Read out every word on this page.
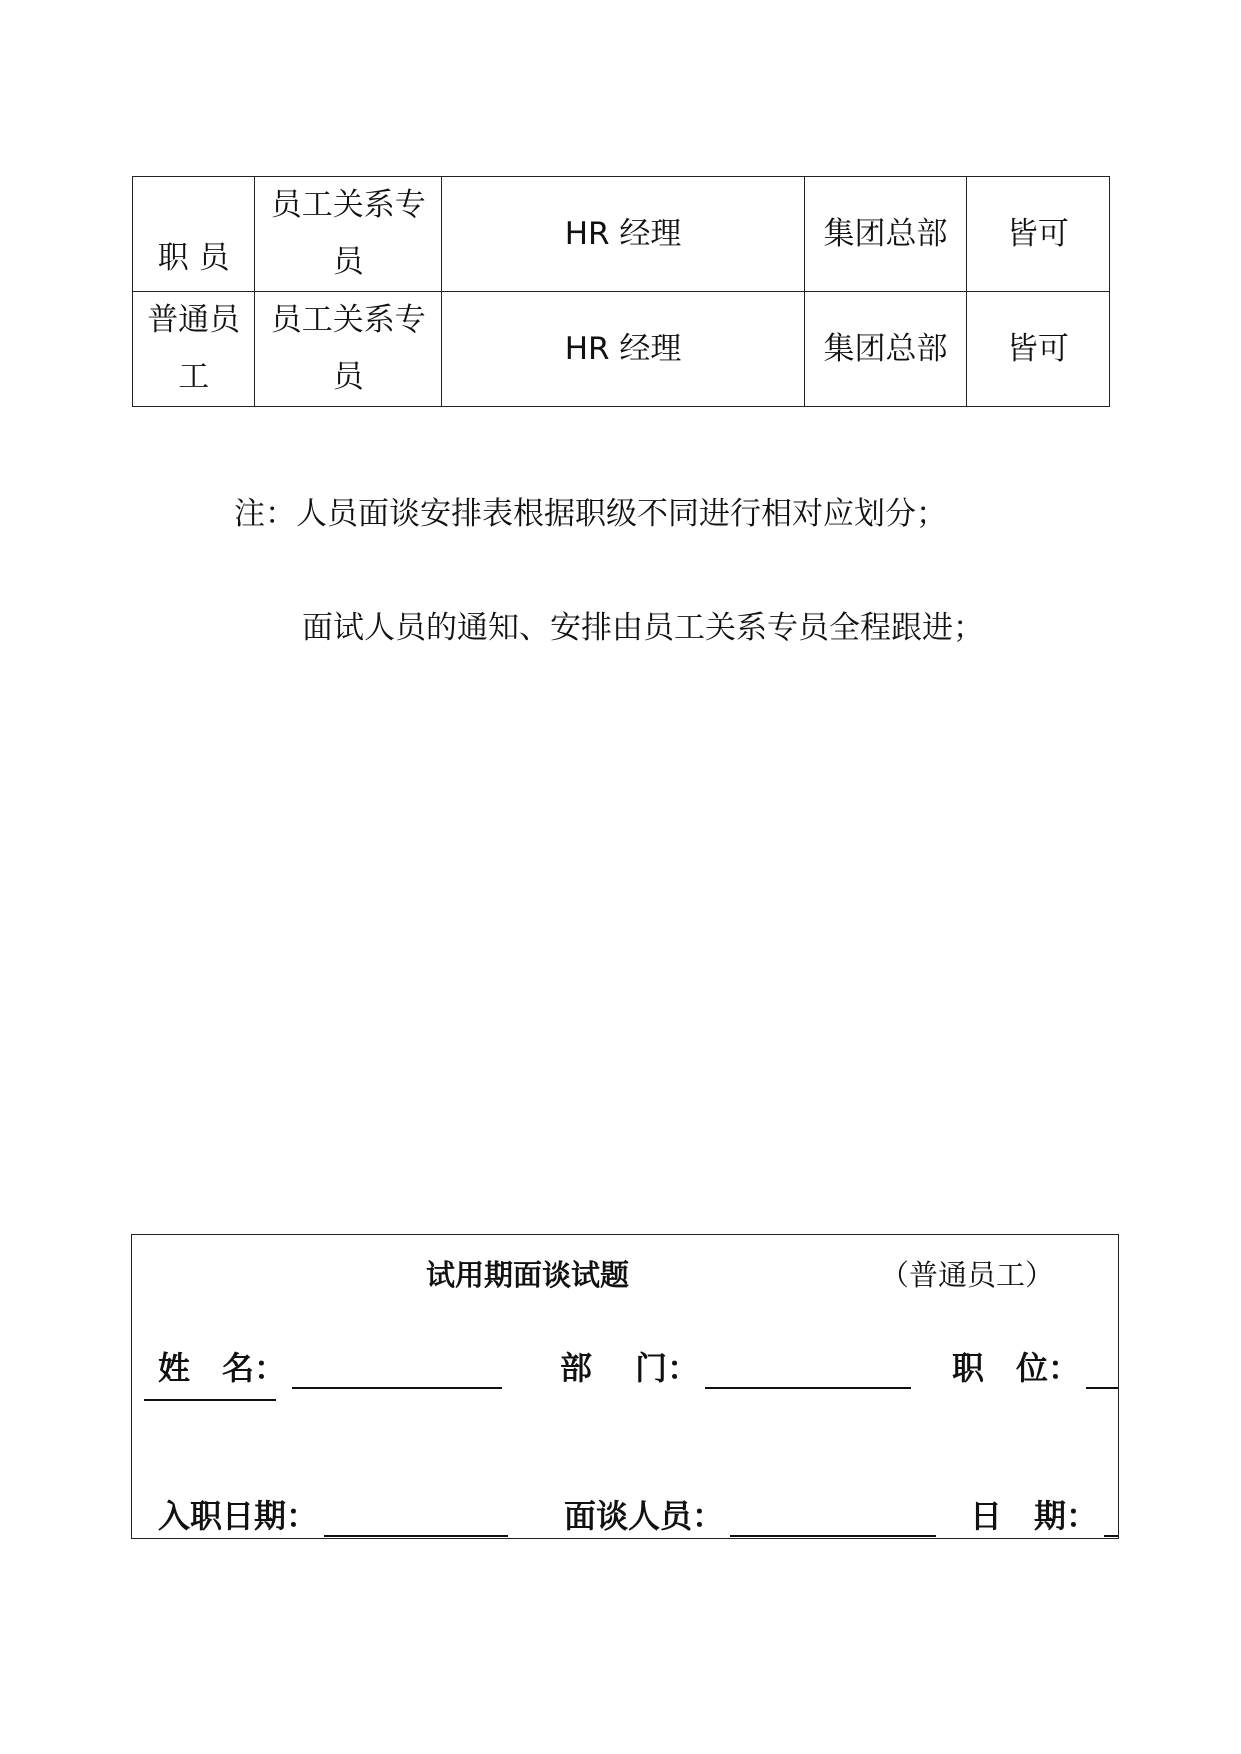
职 员	员工关系专员	HR 经理	集团总部	皆可
普通员工	员工关系专员	HR 经理	集团总部	皆可
注：人员面谈安排表根据职级不同进行相对应划分；
面试人员的通知、安排由员工关系专员全程跟进；
试用期面谈试题	（普通员工）
姓　名：	部　 门：	职　位：
入职日期：	面谈人员：	日　期：
